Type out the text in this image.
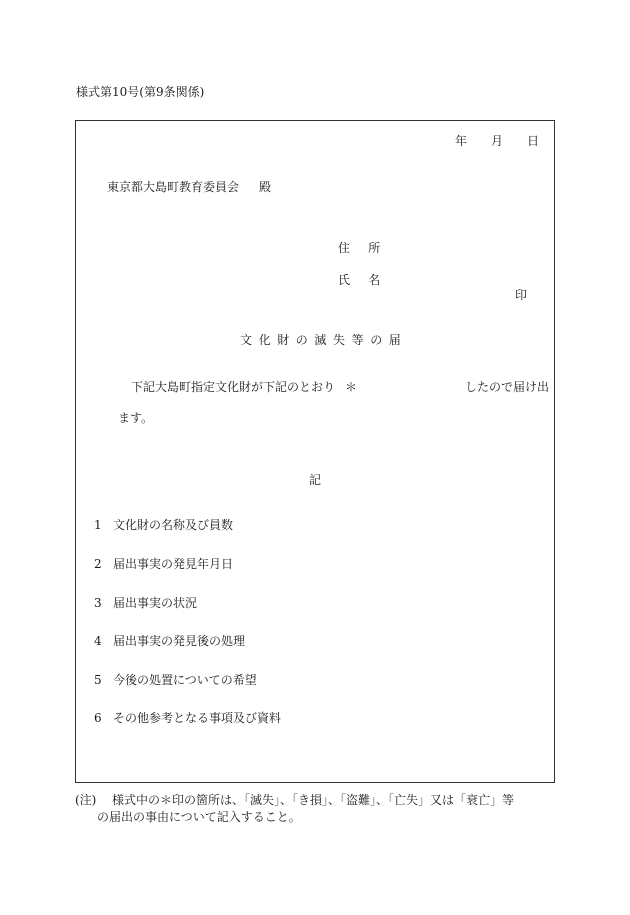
様式第10号(第9条関係)
年 月 日
東京都大島町教育委員会 殿
住 所
氏 名
印
文化財の滅失等の届
下記大島町指定文化財が下記のとおり ＊	したので届け出
ます。
記
1 文化財の名称及び員数
2 届出事実の発見年月日
3 届出事実の状況
4 届出事実の発見後の処理
5 今後の処置についての希望
6 その他参考となる事項及び資料
(注) 様式中の＊印の箇所は、「滅失」、「き損」、「盗難」、「亡失」又は「衰亡」等
の届出の事由について記入すること。
